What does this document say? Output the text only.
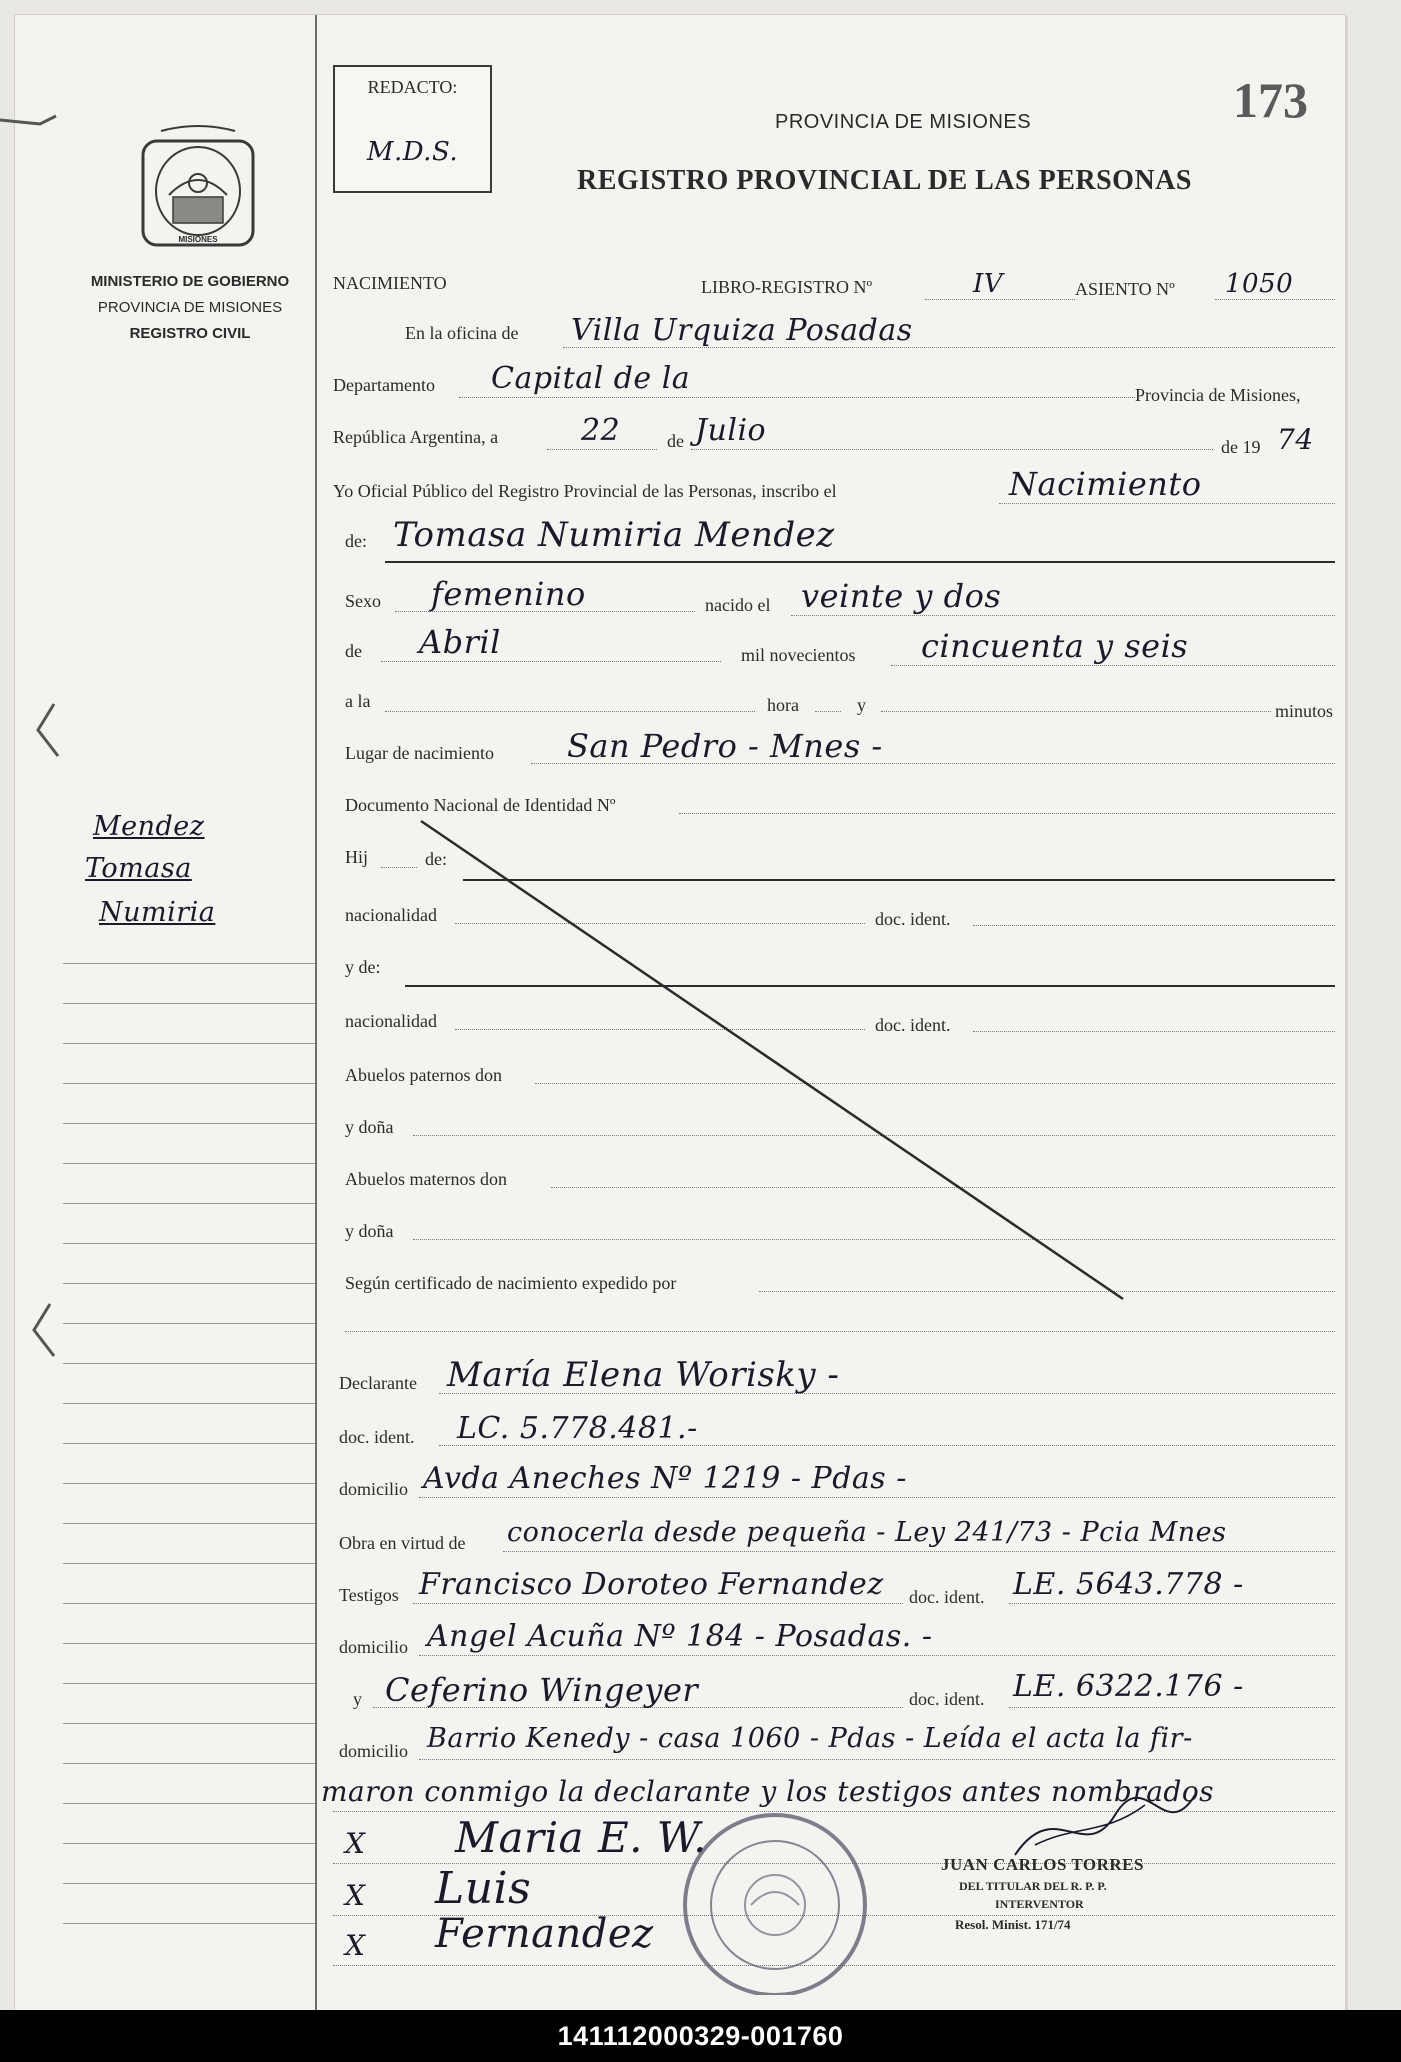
MISIONES
MINISTERIO DE GOBIERNO
PROVINCIA DE MISIONES
REGISTRO CIVIL
Mendez
Tomasa
Numiria
REDACTO:
M.D.S.
173
PROVINCIA DE MISIONES
REGISTRO PROVINCIAL DE LAS PERSONAS
NACIMIENTO	LIBRO-REGISTRO Nº	IV	ASIENTO Nº 1050
En la oficina de Villa Urquiza Posadas
Departamento Capital de la	Provincia de Misiones,
República Argentina, a	22	de Julio	de 19 74
Yo Oficial Público del Registro Provincial de las Personas, inscribo el	Nacimiento
de: Tomasa Numiria Mendez
Sexo femenino	nacido el veinte y dos
de Abril	mil novecientos cincuenta y seis
a la	hora	y	minutos
Lugar de nacimiento San Pedro - Mnes -
Documento Nacional de Identidad Nº
Hij	de:
nacionalidad	doc. ident.
y de:
nacionalidad	doc. ident.
Abuelos paternos don
y doña
Abuelos maternos don
y doña
Según certificado de nacimiento expedido por
Declarante María Elena Worisky -
doc. ident. LC. 5.778.481.-
domicilio Avda Aneches Nº 1219 - Pdas -
Obra en virtud de conocerla desde pequeña - Ley 241/73 - Pcia Mnes
Testigos Francisco Doroteo Fernandez doc. ident. LE. 5643.778 -
domicilio Angel Acuña Nº 184 - Posadas. -
y Ceferino Wingeyer	doc. ident. LE. 6322.176 -
domicilio Barrio Kenedy - casa 1060 - Pdas - Leída el acta la fir-
maron conmigo la declarante y los testigos antes nombrados
X
X
X
Maria E. W.
Luis
Fernandez
JUAN CARLOS TORRES
DEL TITULAR DEL R. P. P.
INTERVENTOR
Resol. Minist. 171/74
141112000329-001760
